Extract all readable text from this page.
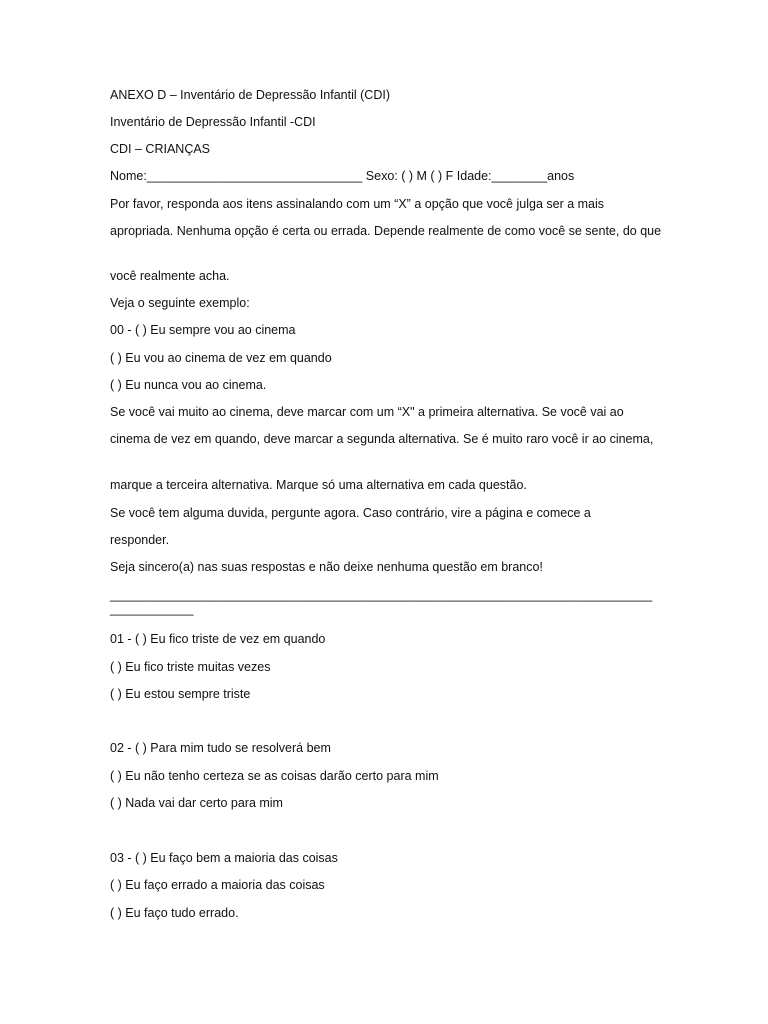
ANEXO D – Inventário de Depressão Infantil (CDI)
Inventário de Depressão Infantil -CDI
CDI – CRIANÇAS
Nome:_______________________________ Sexo: ( ) M ( ) F Idade:________anos
Por favor, responda aos itens assinalando com um “X” a opção que você julga ser a mais
apropriada. Nenhuma opção é certa ou errada. Depende realmente de como você se sente, do que
você realmente acha.
Veja o seguinte exemplo:
00 - ( ) Eu sempre vou ao cinema
( ) Eu vou ao cinema de vez em quando
( ) Eu nunca vou ao cinema.
Se você vai muito ao cinema, deve marcar com um “X" a primeira alternativa. Se você vai ao
cinema de vez em quando, deve marcar a segunda alternativa. Se é muito raro você ir ao cinema,
marque a terceira alternativa. Marque só uma alternativa em cada questão.
Se você tem alguma duvida, pergunte agora. Caso contrário, vire a página e comece a
responder.
Seja sincero(a) nas suas respostas e não deixe nenhuma questão em branco!
__________________________________________________________________________________________
01 - ( ) Eu fico triste de vez em quando
( ) Eu fico triste muitas vezes
( ) Eu estou sempre triste
02 - ( ) Para mim tudo se resolverá bem
( ) Eu não tenho certeza se as coisas darão certo para mim
( ) Nada vai dar certo para mim
03 - ( ) Eu faço bem a maioria das coisas
( ) Eu faço errado a maioria das coisas
( ) Eu faço tudo errado.
